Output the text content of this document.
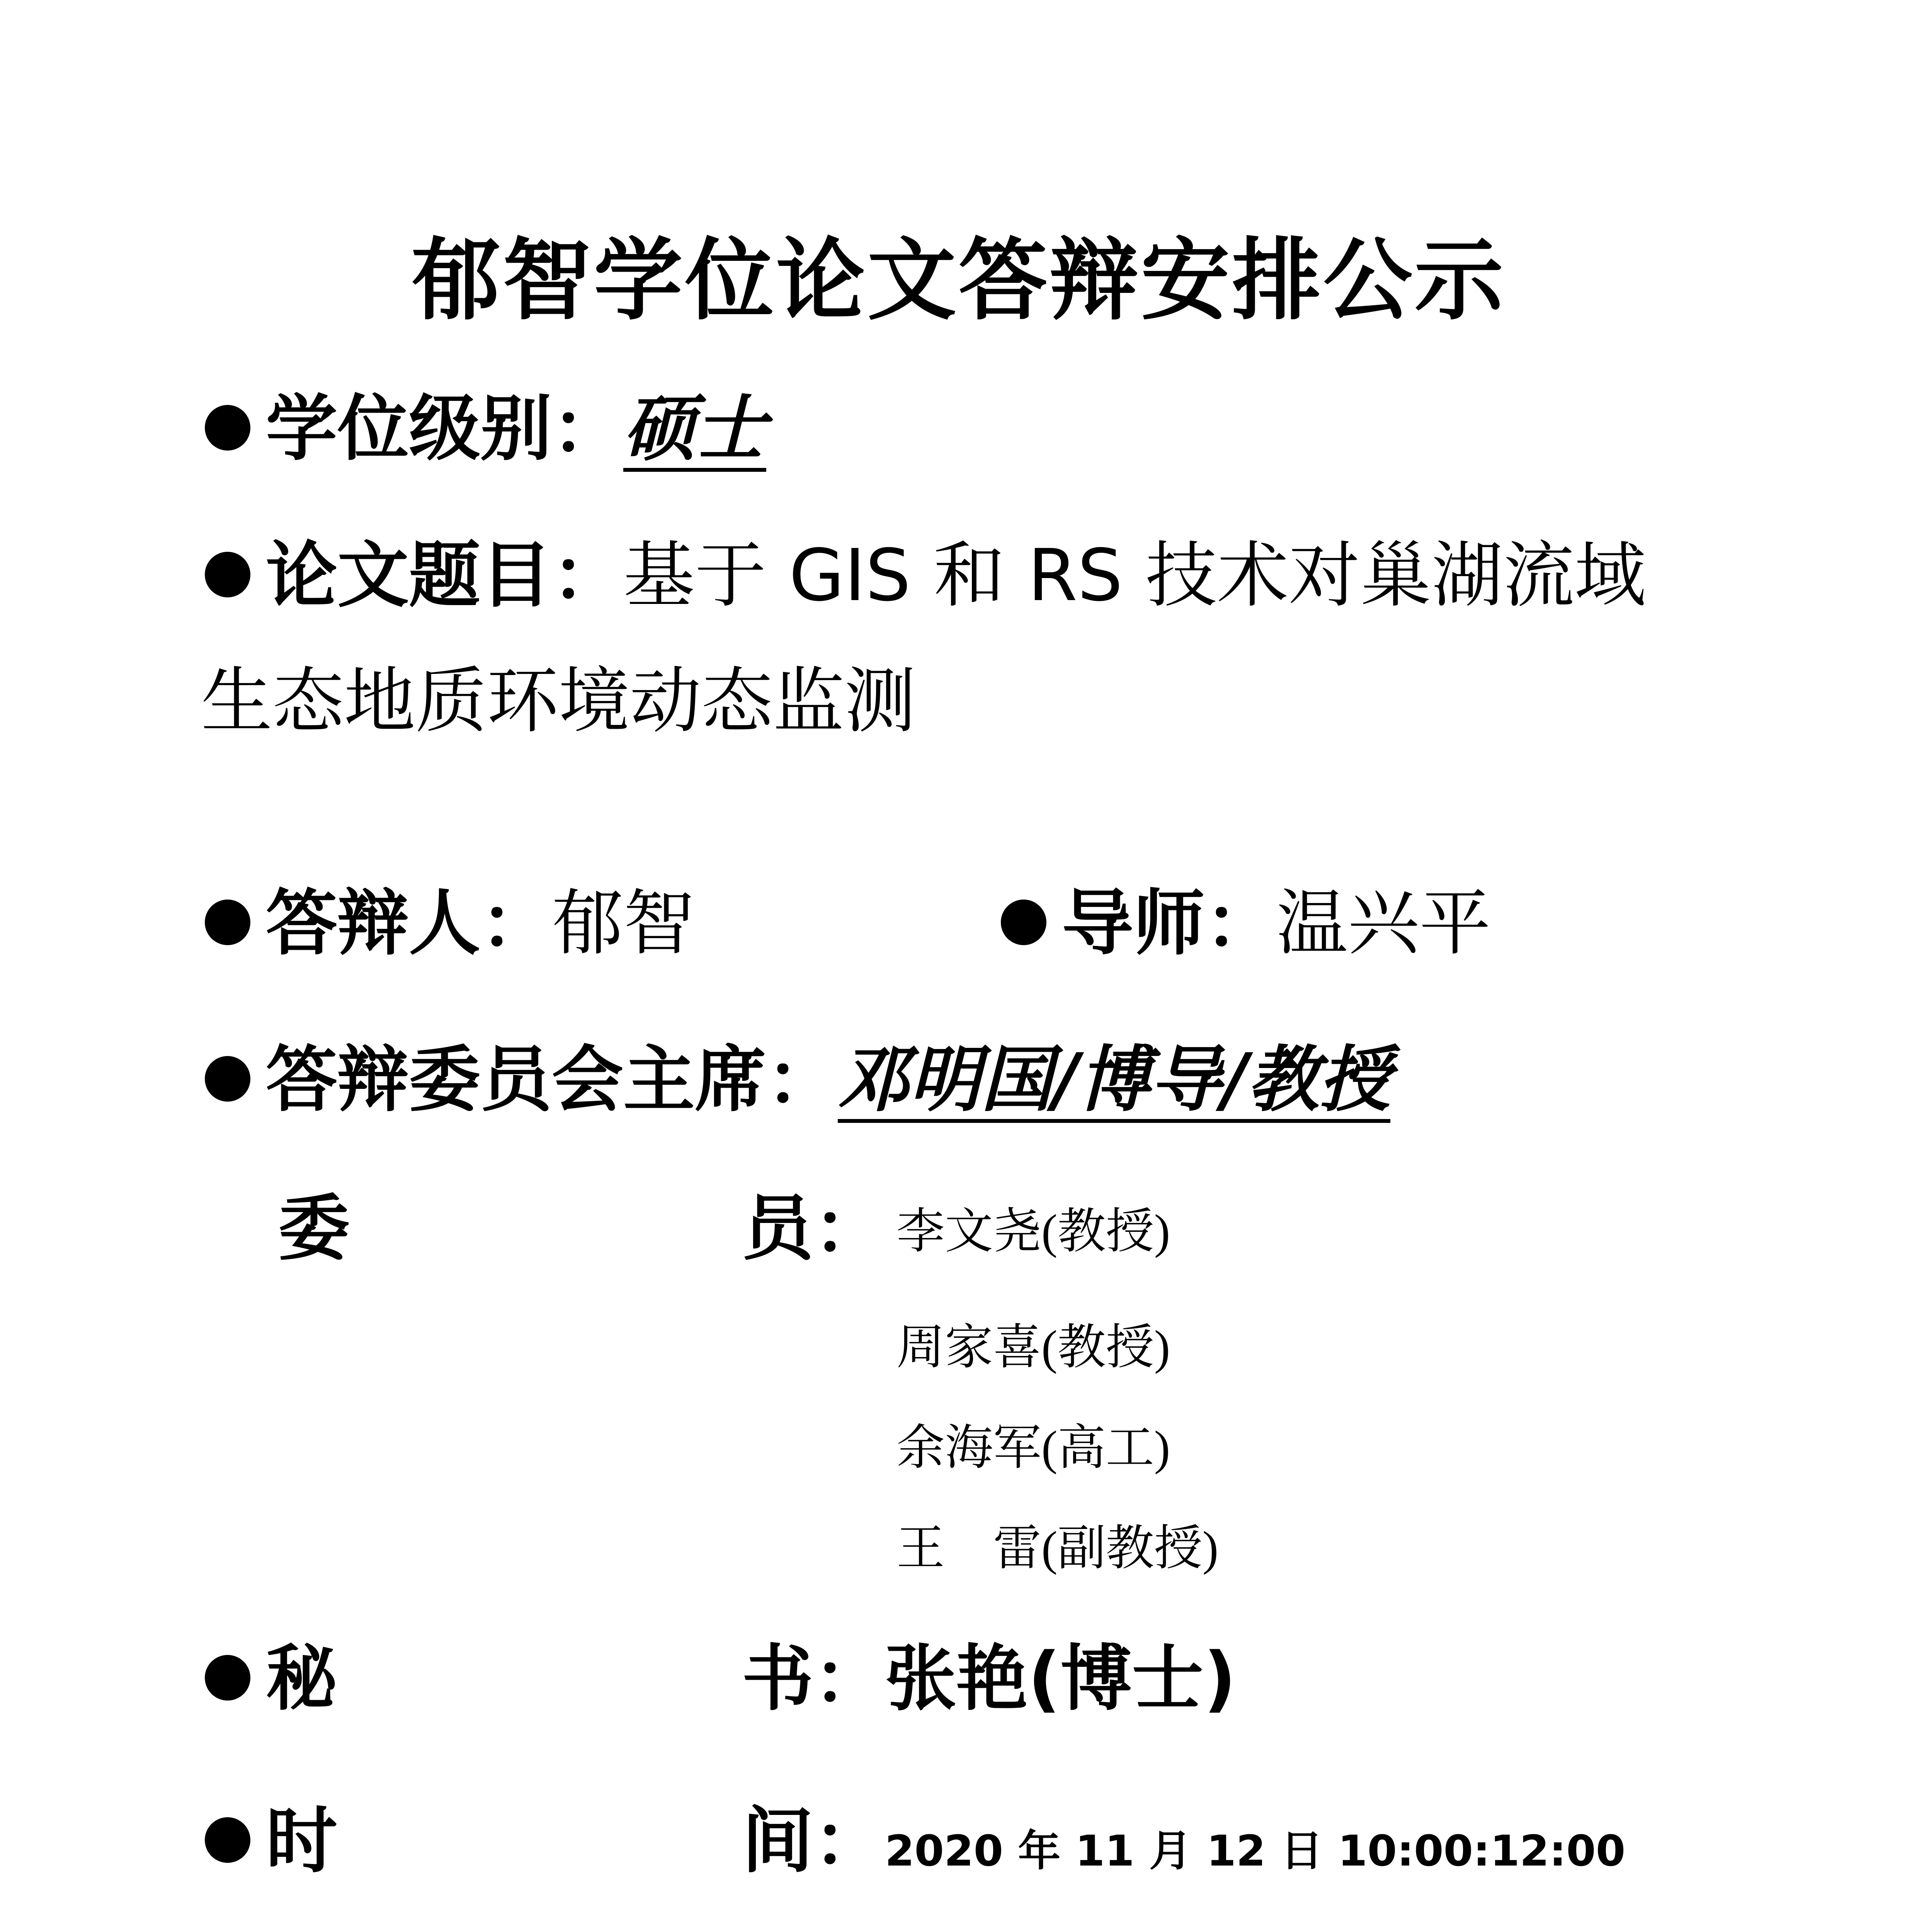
郁智学位论文答辩安排公示
学位级别：硕士
论文题目：基于 GIS 和 RS 技术对巢湖流域
生态地质环境动态监测
答辩人：郁智	导师：温兴平
答辩委员会主席：邓明国/博导/教授
委	员： 李文尧(教授)
周家喜(教授)
余海军(高工)
王　雷(副教授)
秘	书：张艳(博士)
时	间：2020 年 11 月 12 日 10:00:12:00
